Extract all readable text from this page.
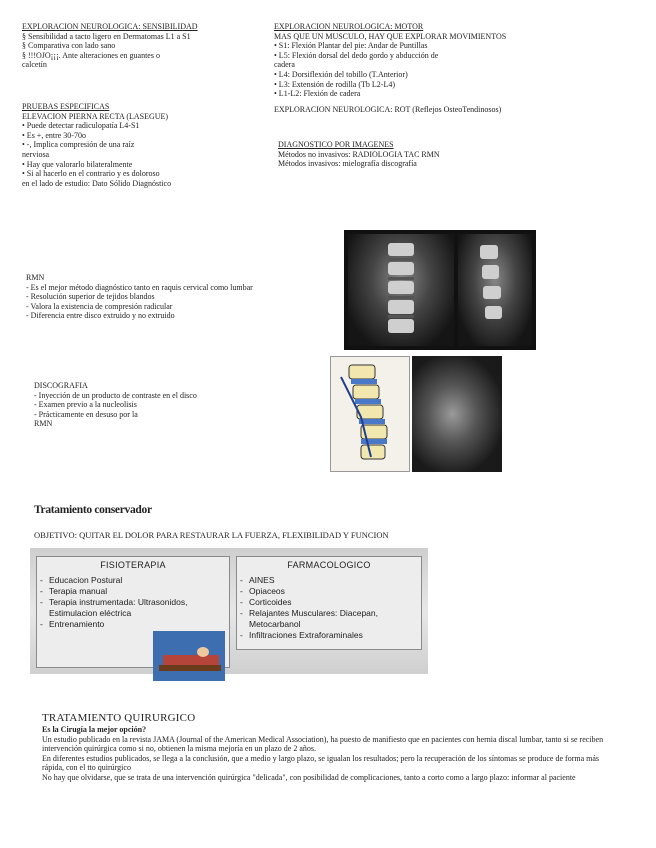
EXPLORACION NEUROLOGICA: SENSIBILIDAD
§ Sensibilidad a tacto ligero en Dermatomas L1 a S1
§ Comparativa con lado sano
§ !!!OJO¡¡¡. Ante alteraciones en guantes o
calcetín
PRUEBAS ESPECIFICAS
ELEVACION PIERNA RECTA (LASEGUE)
• Puede detectar radiculopatía L4-S1
• Es +, entre 30-70o
• -, Implica compresión de una raíz
nerviosa
• Hay que valorarlo bilateralmente
• Si al hacerlo en el contrario y es doloroso
en el lado de estudio: Dato Sólido Diagnóstico
EXPLORACION NEUROLOGICA: MOTOR
MAS QUE UN MUSCULO, HAY QUE EXPLORAR MOVIMIENTOS
• S1: Flexión Plantar del pie: Andar de Puntillas
• L5: Flexión dorsal del dedo gordo y abducción de
cadera
• L4: Dorsiflexión del tobillo (T.Anterior)
• L3: Extensión de rodilla (Tb L2-L4)
• L1-L2: Flexión de cadera
EXPLORACION NEUROLOGICA: ROT (Reflejos OsteoTendinosos)
DIAGNOSTICO POR IMAGENES
Métodos no invasivos: RADIOLOGIA TAC RMN
Métodos invasivos: mielografía discografía
RMN
- Es el mejor método diagnóstico tanto en raquis cervical como lumbar
- Resolución superior de tejidos blandos
- Valora la existencia de compresión radicular
- Diferencia entre disco extruido y no extruido
DISCOGRAFIA
- Inyección de un producto de contraste en el disco
- Examen previo a la nucleolisis
- Prácticamente en desuso por la
RMN
Tratamiento conservador
OBJETIVO: QUITAR EL DOLOR PARA RESTAURAR LA FUERZA, FLEXIBILIDAD Y FUNCION
FISIOTERAPIA
- Educacion Postural
- Terapia manual
- Terapia instrumentada: Ultrasonidos, Estimulacion eléctrica
- Entrenamiento
FARMACOLOGICO
- AINES
- Opiaceos
- Corticoides
- Relajantes Musculares: Diacepan, Metocarbanol
- Infiltraciones Extraforaminales
TRATAMIENTO QUIRURGICO
Es la Cirugía la mejor opción?
Un estudio publicado en la revista JAMA (Journal of the American Medical Association), ha puesto de manifiesto que en pacientes con hernia discal lumbar, tanto si se reciben intervención quirúrgica como si no, obtienen la misma mejoría en un plazo de 2 años.
En diferentes estudios publicados, se llega a la conclusión, que a medio y largo plazo, se igualan los resultados; pero la recuperación de los síntomas se produce de forma más rápida, con el tto quirúrgico
No hay que olvidarse, que se trata de una intervención quirúrgica "delicada", con posibilidad de complicaciones, tanto a corto como a largo plazo: informar al paciente
